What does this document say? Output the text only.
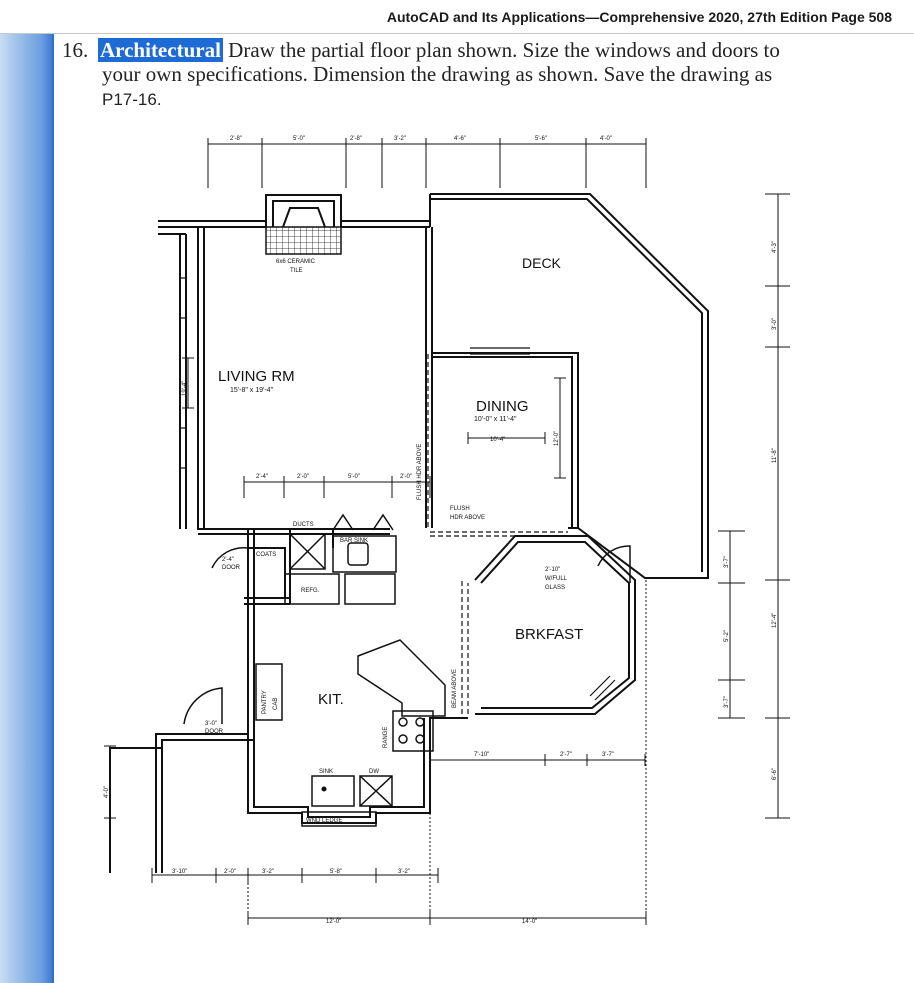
AutoCAD and Its Applications—Comprehensive 2020, 27th Edition Page 508
16. Architectural Draw the partial floor plan shown. Size the windows and doors to
your own specifications. Dimension the drawing as shown. Save the drawing as
P17-16.
DECK
LIVING RM
15'-8" x 19'-4"
DINING
10'-0" x 11'-4"
BRKFAST
KIT.
6x6 CERAMIC
TILE
FLUSH
HDR ABOVE
DUCTS
BAR SINK
COATS
REFG.
SINK	DW
WND LEDGE
2'-10"
W/FULL
GLASS
2'-4"
DOOR
3'-0"
DOOR
FLUSH HDR ABOVE
BEAM ABOVE
RANGE
PANTRY CAB
2'-8"	5'-0"	2'-8"	3'-2"	4'-6"	5'-6"	4'-0"
2'-4"	2'-0"	5'-0"	2'-0"
10'-4"	12'-0"
19'-4"
4'-3"
3'-0"
11'-8"
3'-7"
5'-2"
3'-7"
12'-4"
6'-6"
4'-0"
7'-10"	2'-7"	3'-7"
3'-10"	2'-0"	3'-2"	5'-8"	3'-2"
12'-0"	14'-0"
